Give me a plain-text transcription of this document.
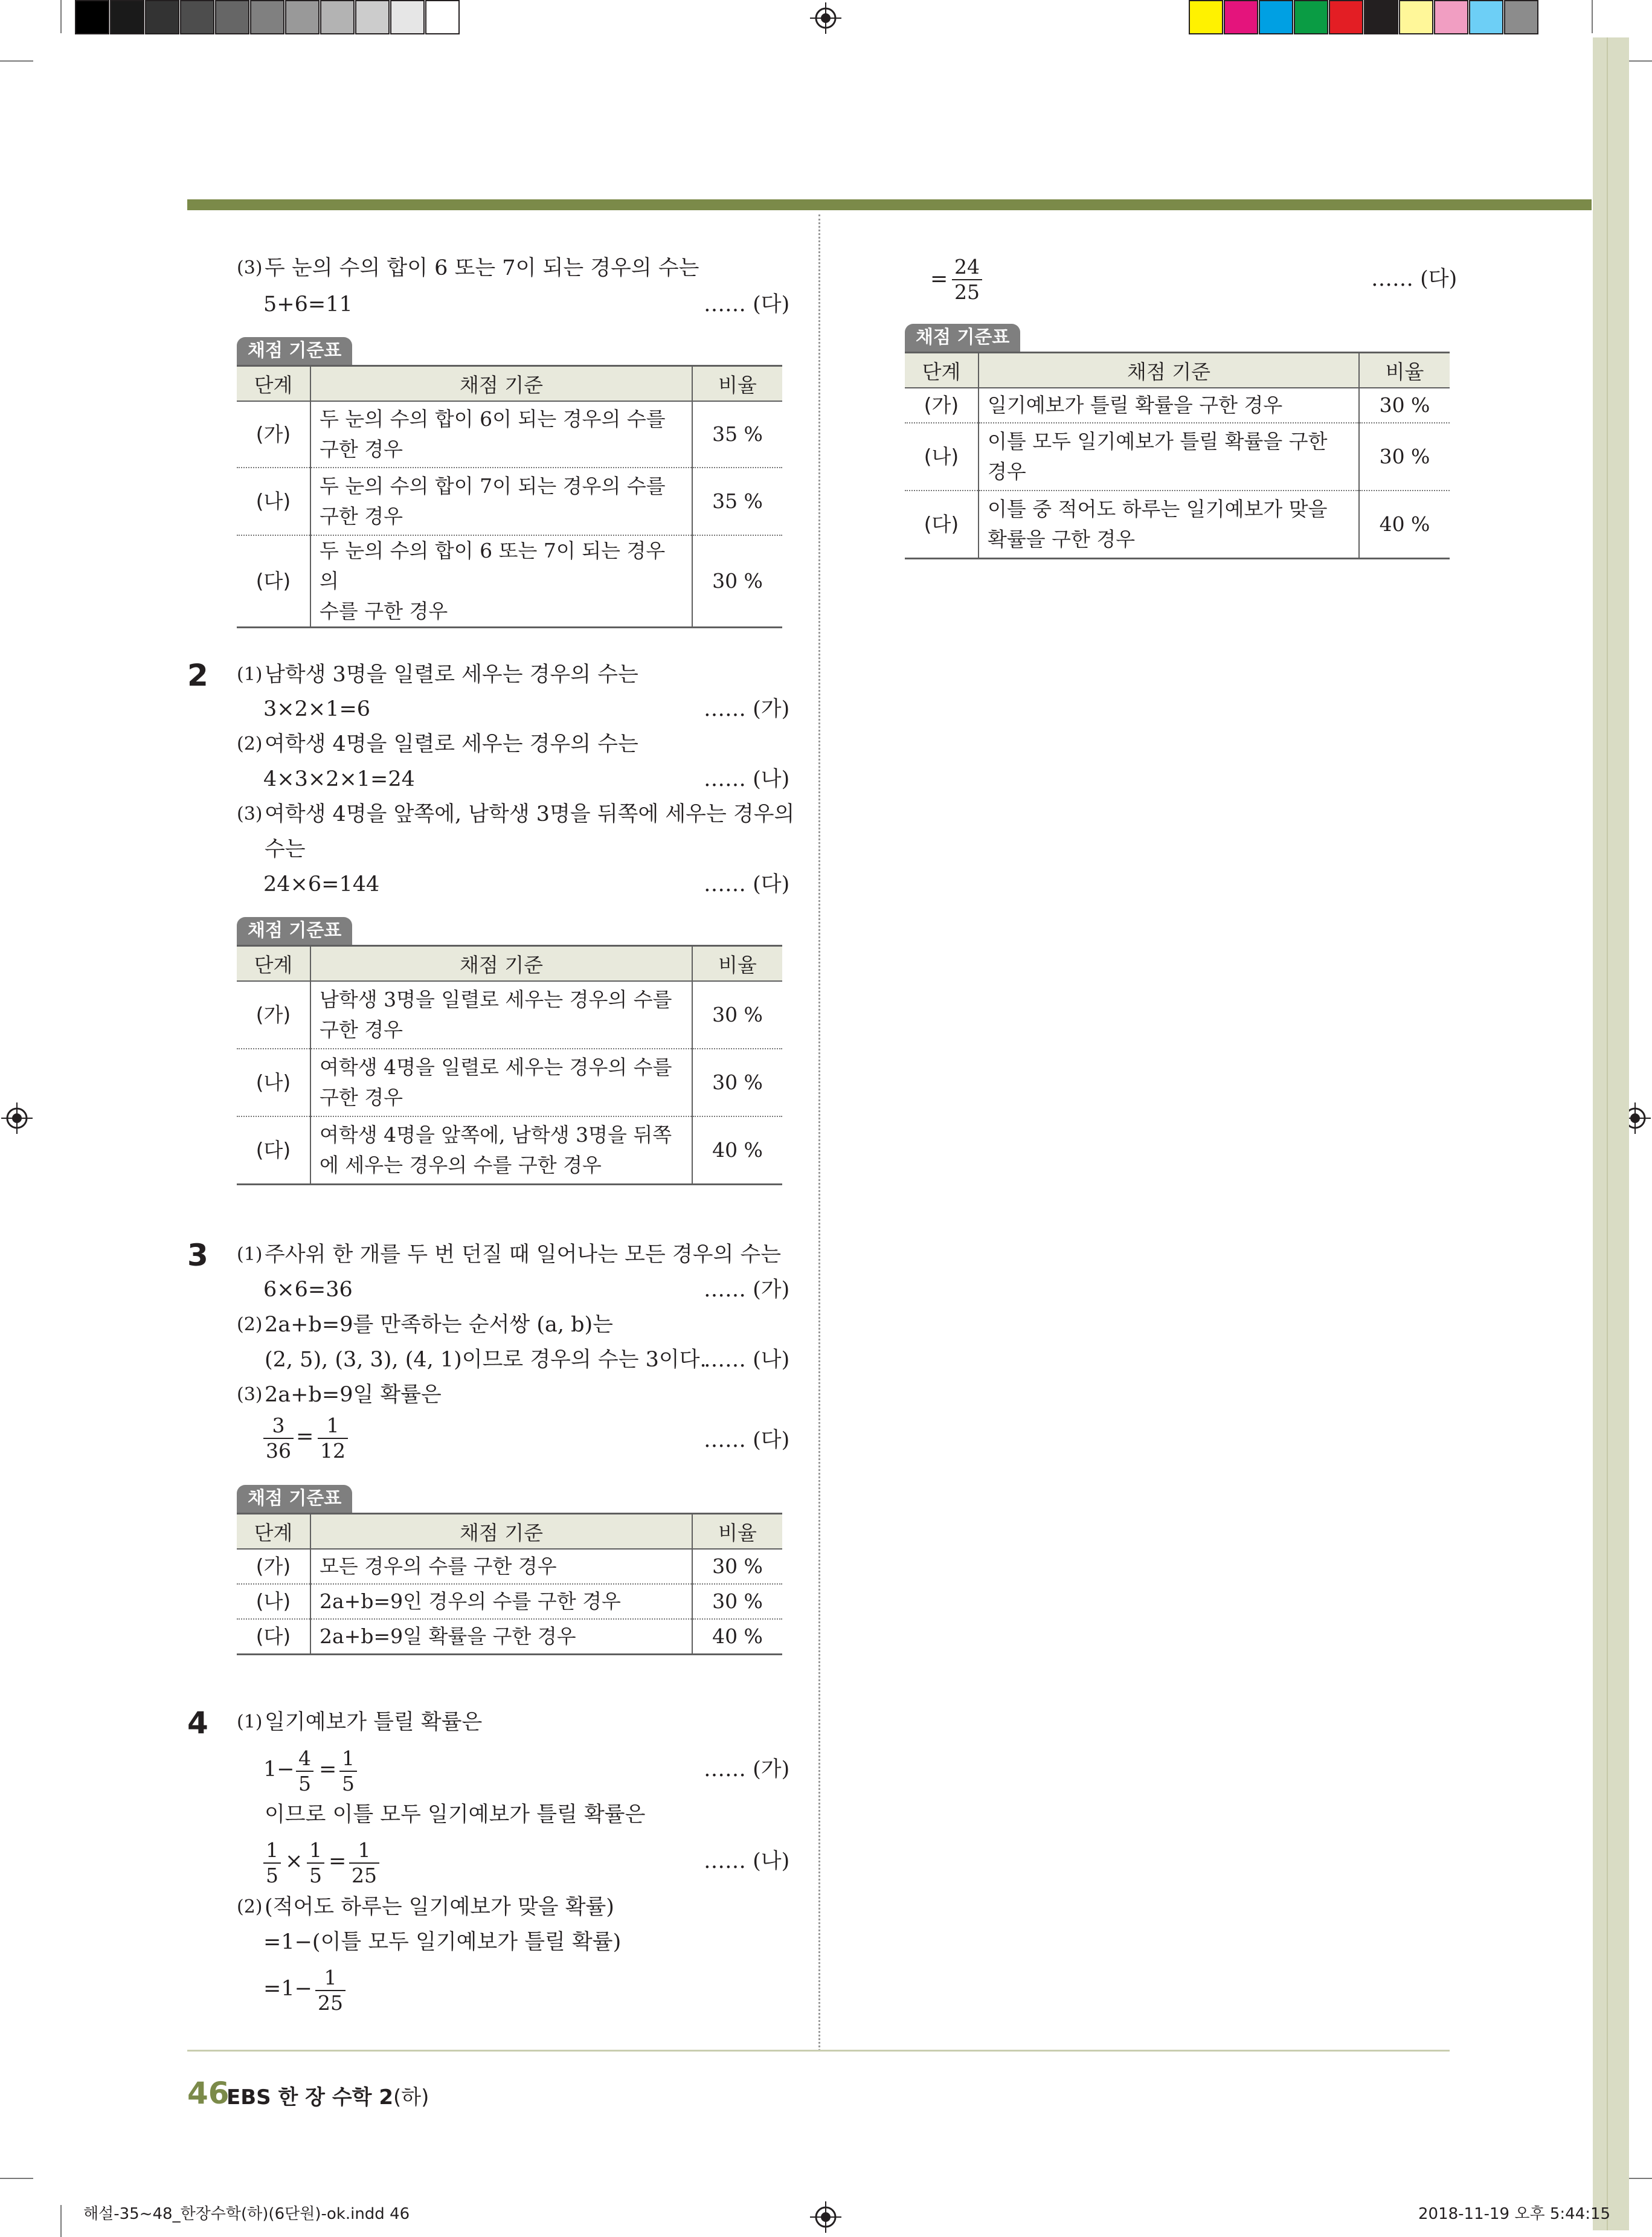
(3) 두 눈의 수의 합이 6 또는 7이 되는 경우의 수는
5+6=11	…… (다)
채점 기준표
단계	채점 기준	비율
(가)	두 눈의 수의 합이 6이 되는 경우의 수를
구한 경우	35 %
(나)	두 눈의 수의 합이 7이 되는 경우의 수를
구한 경우	35 %
(다)	두 눈의 수의 합이 6 또는 7이 되는 경우의
수를 구한 경우	30 %
2 (1) 남학생 3명을 일렬로 세우는 경우의 수는
3×2×1=6	…… (가)
(2) 여학생 4명을 일렬로 세우는 경우의 수는
4×3×2×1=24	…… (나)
(3) 여학생 4명을 앞쪽에, 남학생 3명을 뒤쪽에 세우는 경우의
수는
24×6=144	…… (다)
채점 기준표
단계	채점 기준	비율
(가)	남학생 3명을 일렬로 세우는 경우의 수를
구한 경우	30 %
(나)	여학생 4명을 일렬로 세우는 경우의 수를
구한 경우	30 %
(다)	여학생 4명을 앞쪽에, 남학생 3명을 뒤쪽
에 세우는 경우의 수를 구한 경우	40 %
3 (1) 주사위 한 개를 두 번 던질 때 일어나는 모든 경우의 수는
6×6=36	…… (가)
(2) 2a+b=9를 만족하는 순서쌍 (a, b)는
(2, 5), (3, 3), (4, 1)이므로 경우의 수는 3이다.
…… (나)
(3) 2a+b=9일 확률은
3
36
= 1
12	…… (다)
채점 기준표
단계	채점 기준	비율
(가)	모든 경우의 수를 구한 경우	30 %
(나)	2a+b=9인 경우의 수를 구한 경우	30 %
(다)	2a+b=9일 확률을 구한 경우	40 %
4 (1) 일기예보가 틀릴 확률은
1− 4
5
= 1
5
…… (가)
이므로 이틀 모두 일기예보가 틀릴 확률은
1
5
× 1
5
= 1
25
…… (나)
(2) (적어도 하루는 일기예보가 맞을 확률)
=1−(이틀 모두 일기예보가 틀릴 확률)
=1− 1
25
=
24
25
…… (다)
채점 기준표
단계	채점 기준	비율
(가)	일기예보가 틀릴 확률을 구한 경우	30 %
(나)	이틀 모두 일기예보가 틀릴 확률을 구한
경우	30 %
(다)	이틀 중 적어도 하루는 일기예보가 맞을
확률을 구한 경우	40 %
46
EBS 한 장 수학 2(하)
해설-35~48_한장수학(하)(6단원)-ok.indd 46	2018-11-19 오후 5:44:15
